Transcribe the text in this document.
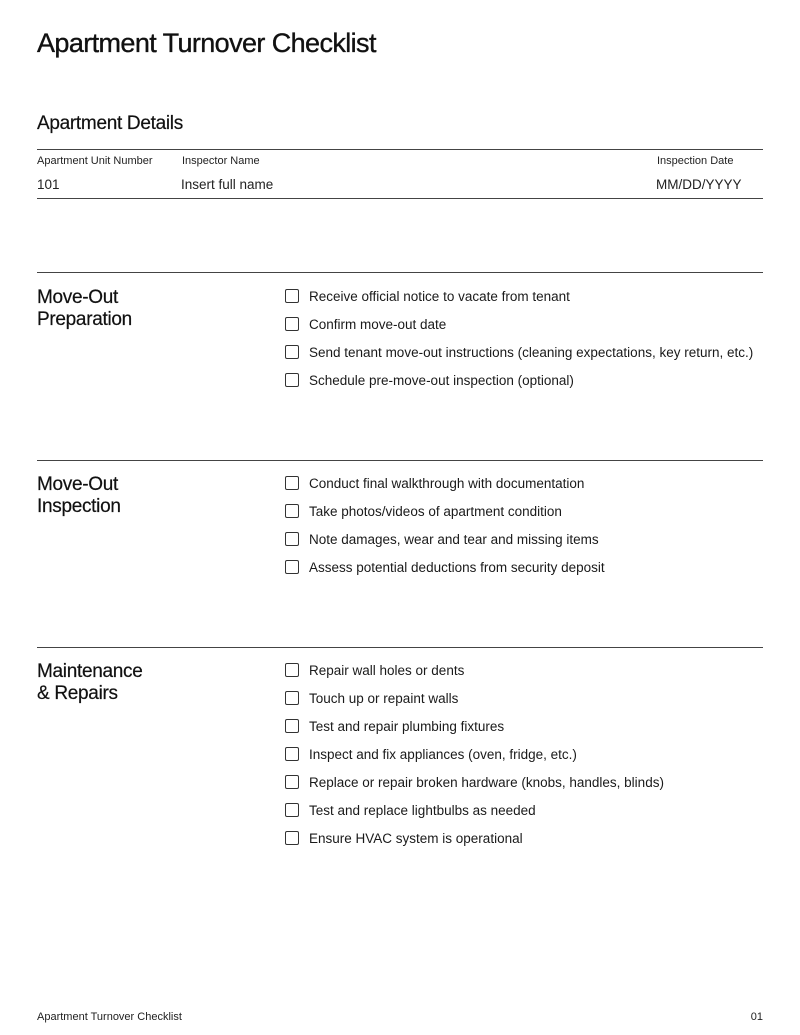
Apartment Turnover Checklist
Apartment Details
Apartment Unit Number	Inspector Name	Inspection Date
101	Insert full name	MM/DD/YYYY
Move-Out
Preparation
Receive official notice to vacate from tenant
Confirm move-out date
Send tenant move-out instructions (cleaning expectations, key return, etc.)
Schedule pre-move-out inspection (optional)
Move-Out
Inspection
Conduct final walkthrough with documentation
Take photos/videos of apartment condition
Note damages, wear and tear and missing items
Assess potential deductions from security deposit
Maintenance
& Repairs
Repair wall holes or dents
Touch up or repaint walls
Test and repair plumbing fixtures
Inspect and fix appliances (oven, fridge, etc.)
Replace or repair broken hardware (knobs, handles, blinds)
Test and replace lightbulbs as needed
Ensure HVAC system is operational
Apartment Turnover Checklist	01
